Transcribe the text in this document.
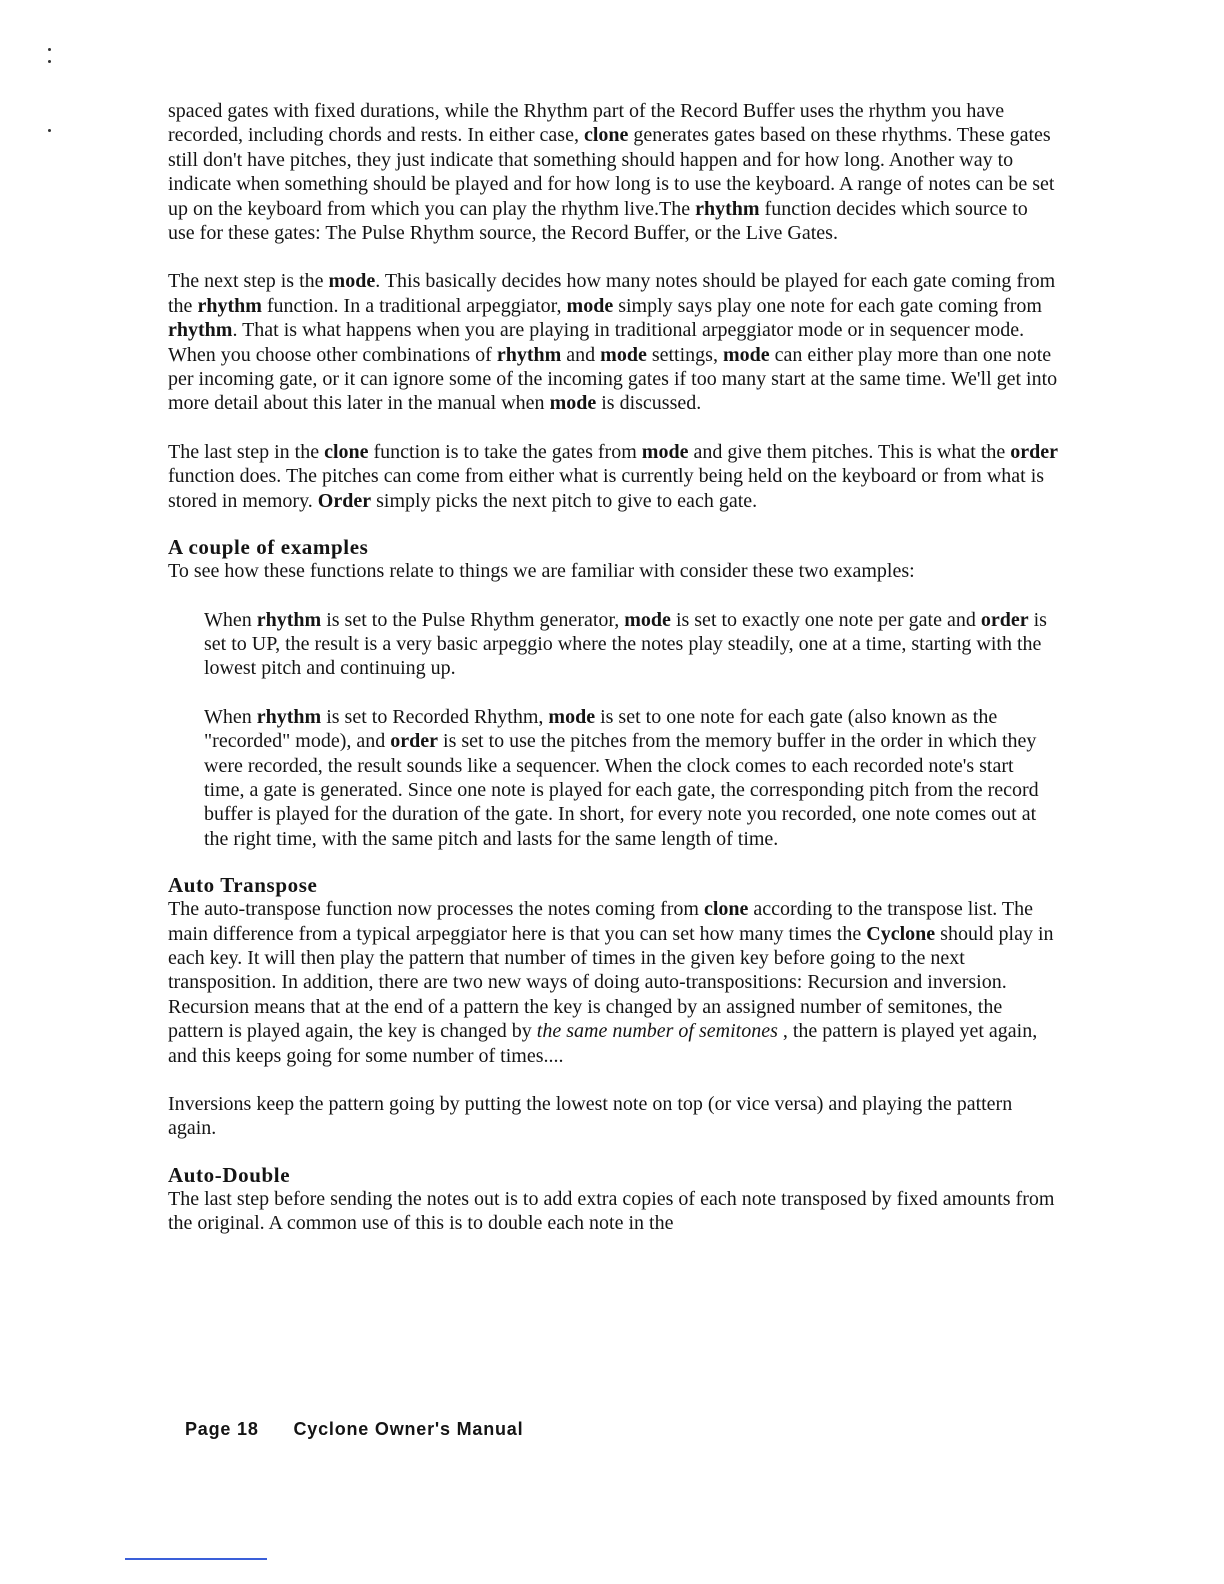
spaced gates with fixed durations, while the Rhythm part of the Record Buffer uses the rhythm you have recorded, including chords and rests. In either case, clone generates gates based on these rhythms. These gates still don't have pitches, they just indicate that something should happen and for how long. Another way to indicate when something should be played and for how long is to use the keyboard. A range of notes can be set up on the keyboard from which you can play the rhythm live.The rhythm function decides which source to use for these gates: The Pulse Rhythm source, the Record Buffer, or the Live Gates.

The next step is the mode. This basically decides how many notes should be played for each gate coming from the rhythm function. In a traditional arpeggiator, mode simply says play one note for each gate coming from rhythm. That is what happens when you are playing in traditional arpeggiator mode or in sequencer mode. When you choose other combinations of rhythm and mode settings, mode can either play more than one note per incoming gate, or it can ignore some of the incoming gates if too many start at the same time. We'll get into more detail about this later in the manual when mode is discussed.

The last step in the clone function is to take the gates from mode and give them pitches. This is what the order function does. The pitches can come from either what is currently being held on the keyboard or from what is stored in memory. Order simply picks the next pitch to give to each gate.

A couple of examples

To see how these functions relate to things we are familiar with consider these two examples:

When rhythm is set to the Pulse Rhythm generator, mode is set to exactly one note per gate and order is set to UP, the result is a very basic arpeggio where the notes play steadily, one at a time, starting with the lowest pitch and continuing up.

When rhythm is set to Recorded Rhythm, mode is set to one note for each gate (also known as the "recorded" mode), and order is set to use the pitches from the memory buffer in the order in which they were recorded, the result sounds like a sequencer. When the clock comes to each recorded note's start time, a gate is generated. Since one note is played for each gate, the corresponding pitch from the record buffer is played for the duration of the gate. In short, for every note you recorded, one note comes out at the right time, with the same pitch and lasts for the same length of time.

Auto Transpose

The auto-transpose function now processes the notes coming from clone according to the transpose list. The main difference from a typical arpeggiator here is that you can set how many times the Cyclone should play in each key. It will then play the pattern that number of times in the given key before going to the next transposition. In addition, there are two new ways of doing auto-transpositions: Recursion and inversion. Recursion means that at the end of a pattern the key is changed by an assigned number of semitones, the pattern is played again, the key is changed by the same number of semitones , the pattern is played yet again, and this keeps going for some number of times....

Inversions keep the pattern going by putting the lowest note on top (or vice versa) and playing the pattern again.

Auto-Double

The last step before sending the notes out is to add extra copies of each note transposed by fixed amounts from the original. A common use of this is to double each note in the

Page 18 Cyclone Owner's Manual
